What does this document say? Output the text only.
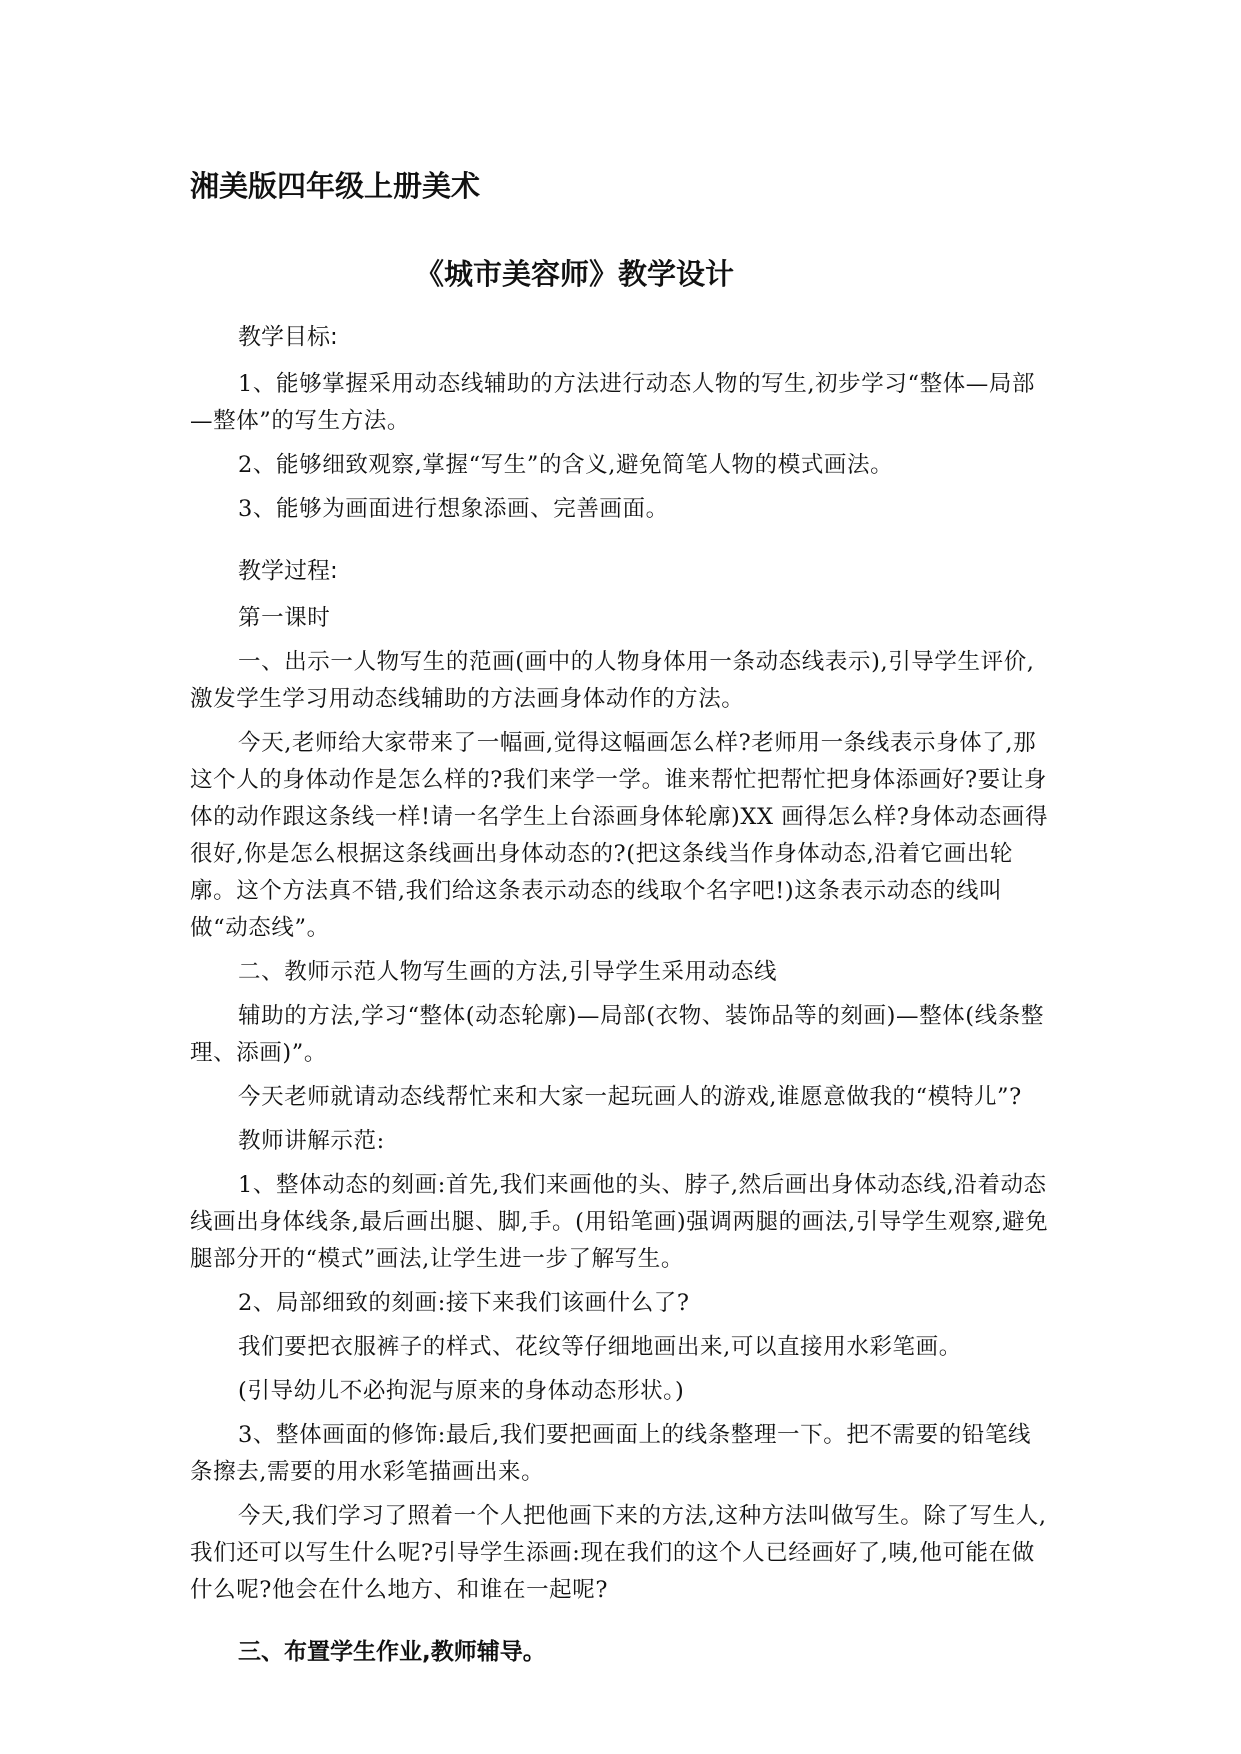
湘美版四年级上册美术
《城市美容师》教学设计
教学目标:

1、能够掌握采用动态线辅助的方法进行动态人物的写生,初步学习“整体—局部—整体”的写生方法。

2、能够细致观察,掌握“写生”的含义,避免简笔人物的模式画法。

3、能够为画面进行想象添画、完善画面。

教学过程:

第一课时

一、出示一人物写生的范画(画中的人物身体用一条动态线表示),引导学生评价,激发学生学习用动态线辅助的方法画身体动作的方法。

今天,老师给大家带来了一幅画,觉得这幅画怎么样?老师用一条线表示身体了,那这个人的身体动作是怎么样的?我们来学一学。谁来帮忙把帮忙把身体添画好?要让身体的动作跟这条线一样!请一名学生上台添画身体轮廓)XX 画得怎么样?身体动态画得很好,你是怎么根据这条线画出身体动态的?(把这条线当作身体动态,沿着它画出轮廓。这个方法真不错,我们给这条表示动态的线取个名字吧!)这条表示动态的线叫做“动态线”。

二、教师示范人物写生画的方法,引导学生采用动态线

辅助的方法,学习“整体(动态轮廓)—局部(衣物、装饰品等的刻画)—整体(线条整理、添画)”。

今天老师就请动态线帮忙来和大家一起玩画人的游戏,谁愿意做我的“模特儿”?

教师讲解示范:

1、整体动态的刻画:首先,我们来画他的头、脖子,然后画出身体动态线,沿着动态线画出身体线条,最后画出腿、脚,手。(用铅笔画)强调两腿的画法,引导学生观察,避免腿部分开的“模式”画法,让学生进一步了解写生。

2、局部细致的刻画:接下来我们该画什么了?

我们要把衣服裤子的样式、花纹等仔细地画出来,可以直接用水彩笔画。

(引导幼儿不必拘泥与原来的身体动态形状。)

3、整体画面的修饰:最后,我们要把画面上的线条整理一下。把不需要的铅笔线条擦去,需要的用水彩笔描画出来。

今天,我们学习了照着一个人把他画下来的方法,这种方法叫做写生。除了写生人,我们还可以写生什么呢?引导学生添画:现在我们的这个人已经画好了,咦,他可能在做什么呢?他会在什么地方、和谁在一起呢?

三、布置学生作业,教师辅导。
